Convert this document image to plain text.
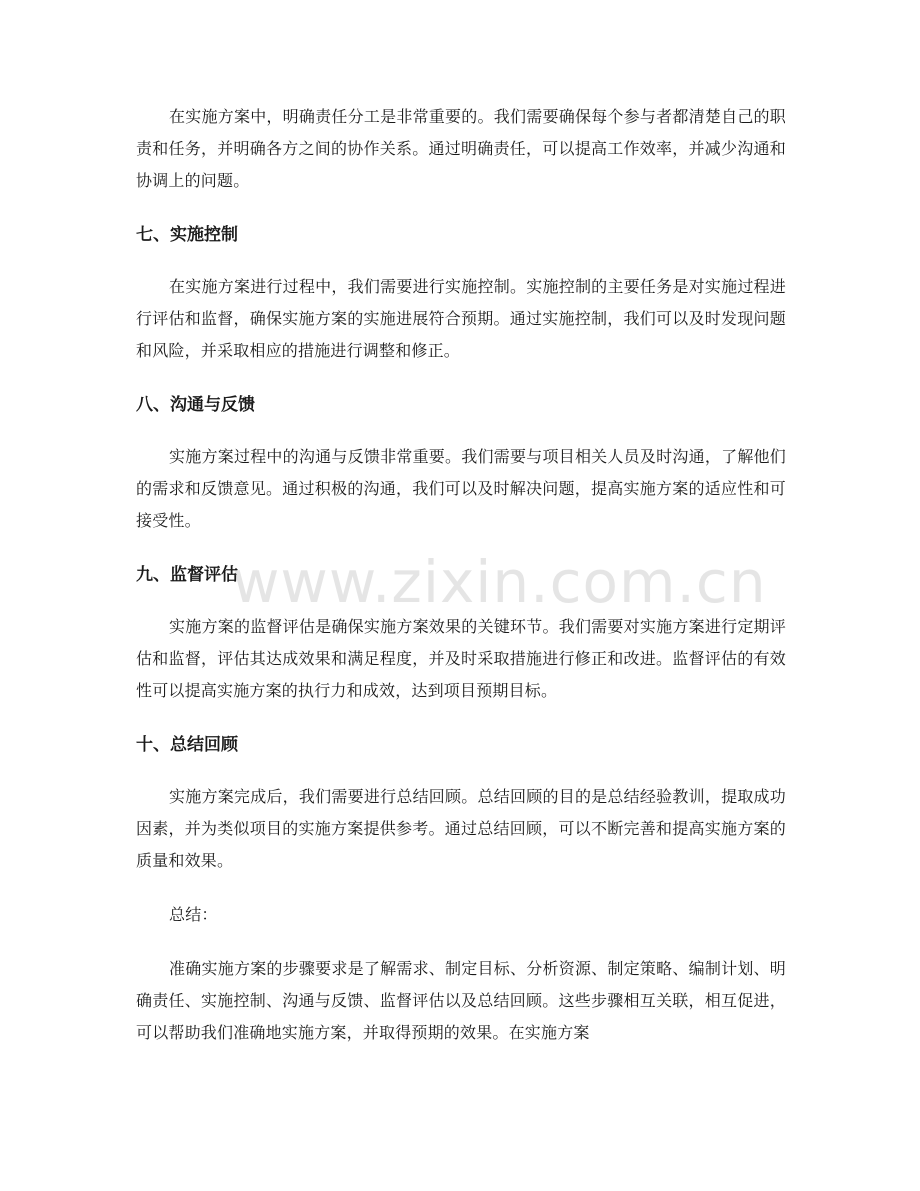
在实施方案中，明确责任分工是非常重要的。我们需要确保每个参与者都清楚自己的职责和任务，并明确各方之间的协作关系。通过明确责任，可以提高工作效率，并减少沟通和协调上的问题。

七、实施控制

在实施方案进行过程中，我们需要进行实施控制。实施控制的主要任务是对实施过程进行评估和监督，确保实施方案的实施进展符合预期。通过实施控制，我们可以及时发现问题和风险，并采取相应的措施进行调整和修正。

八、沟通与反馈

实施方案过程中的沟通与反馈非常重要。我们需要与项目相关人员及时沟通，了解他们的需求和反馈意见。通过积极的沟通，我们可以及时解决问题，提高实施方案的适应性和可接受性。

九、监督评估

实施方案的监督评估是确保实施方案效果的关键环节。我们需要对实施方案进行定期评估和监督，评估其达成效果和满足程度，并及时采取措施进行修正和改进。监督评估的有效性可以提高实施方案的执行力和成效，达到项目预期目标。

十、总结回顾

实施方案完成后，我们需要进行总结回顾。总结回顾的目的是总结经验教训，提取成功因素，并为类似项目的实施方案提供参考。通过总结回顾，可以不断完善和提高实施方案的质量和效果。

总结：

准确实施方案的步骤要求是了解需求、制定目标、分析资源、制定策略、编制计划、明确责任、实施控制、沟通与反馈、监督评估以及总结回顾。这些步骤相互关联，相互促进，可以帮助我们准确地实施方案，并取得预期的效果。在实施方案

www.zixin.com.cn
